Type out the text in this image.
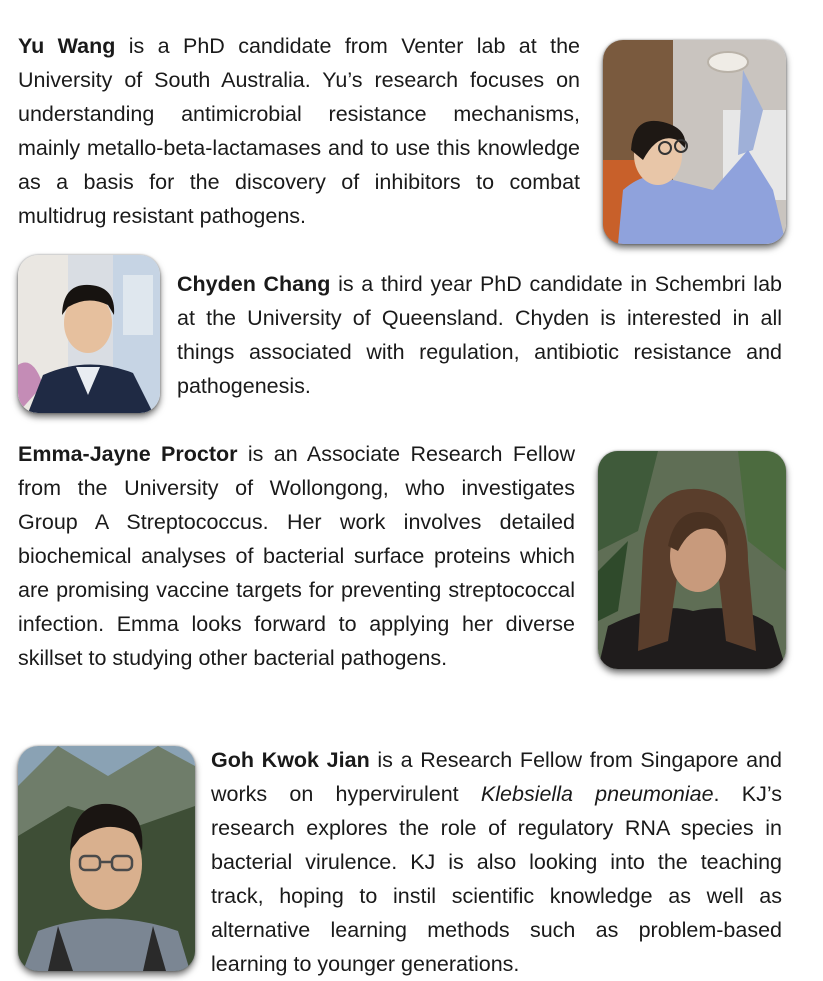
Yu Wang is a PhD candidate from Venter lab at the University of South Australia. Yu’s research focuses on understanding antimicrobial resistance mechanisms, mainly metallo-beta-lactamases and to use this knowledge as a basis for the discovery of inhibitors to combat multidrug resistant pathogens.

Chyden Chang is a third year PhD candidate in Schembri lab at the University of Queensland. Chyden is interested in all things associated with regulation, antibiotic resistance and pathogenesis.

Emma-Jayne Proctor is an Associate Research Fellow from the University of Wollongong, who investigates Group A Streptococcus. Her work involves detailed biochemical analyses of bacterial surface proteins which are promising vaccine targets for preventing streptococcal infection. Emma looks forward to applying her diverse skillset to studying other bacterial pathogens.

Goh Kwok Jian is a Research Fellow from Singapore and works on hypervirulent Klebsiella pneumoniae. KJ’s research explores the role of regulatory RNA species in bacterial virulence. KJ is also looking into the teaching track, hoping to instil scientific knowledge as well as alternative learning methods such as problem-based learning to younger generations.
